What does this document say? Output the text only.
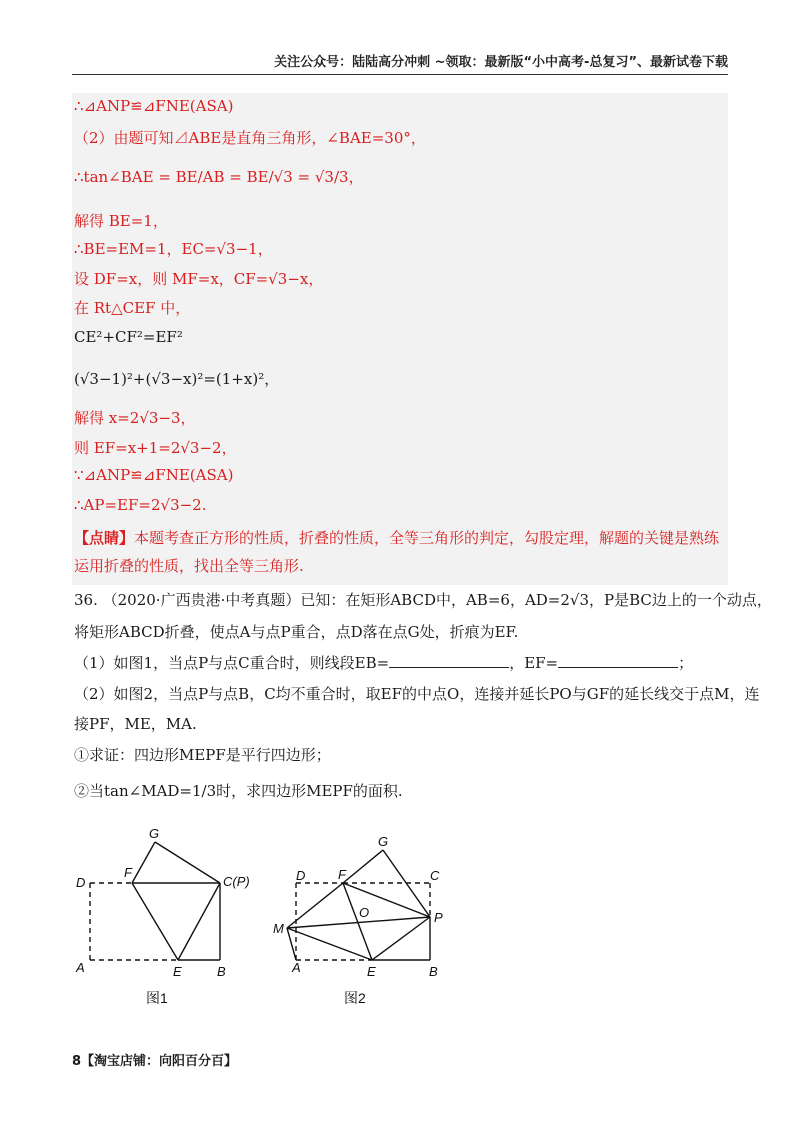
关注公众号：陆陆高分冲刺 ~领取：最新版“小中高考-总复习”、最新试卷下载
∴⊿ANP≌⊿FNE(ASA)
（2）由题可知⊿ABE是直角三角形，∠BAE=30°，
∴tan∠BAE = BE/AB = BE/√3 = √3/3，
解得 BE=1，
∴BE=EM=1，EC=√3−1，
设 DF=x，则 MF=x，CF=√3−x，
在 Rt△CEF 中，
CE²+CF²=EF²
(√3−1)²+(√3−x)²=(1+x)²，
解得 x=2√3−3，
则 EF=x+1=2√3−2，
∵⊿ANP≌⊿FNE(ASA)
∴AP=EF=2√3−2.
【点睛】本题考查正方形的性质，折叠的性质，全等三角形的判定，勾股定理，解题的关键是熟练运用折叠的性质，找出全等三角形.
36. （2020·广西贵港·中考真题）已知：在矩形ABCD中，AB=6，AD=2√3，P是BC边上的一个动点，
将矩形ABCD折叠，使点A与点P重合，点D落在点G处，折痕为EF.
（1）如图1，当点P与点C重合时，则线段EB=	，EF=	；
（2）如图2，当点P与点B，C均不重合时，取EF的中点O，连接并延长PO与GF的延长线交于点M，连
接PF，ME，MA.
①求证：四边形MEPF是平行四边形；
②当tan∠MAD=1/3时，求四边形MEPF的面积.
D
A	E	B
C(P)
F
G
图1
D
A	E	B
C
F
G
M
O	P
图2
8【淘宝店铺：向阳百分百】
